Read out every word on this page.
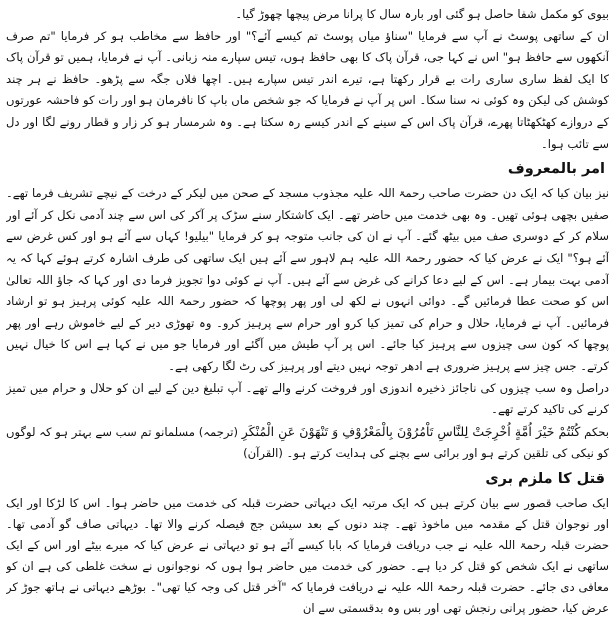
بیوی کو مکمل شفا حاصل ہو گئی اور بارہ سال کا پرانا مرض پیچھا چھوڑ گیا۔

ان کے ساتھی پوسٹ نے آپ سے فرمایا "سناؤ میاں پوسٹ تم کیسے آئے؟" اور حافظ سے مخاطب ہو کر فرمایا "تم صرف آنکھوں سے حافظ ہو" اس نے کہا جی، قرآن پاک کا بھی حافظ ہوں، تیس سپارے منہ زبانی۔ آپ نے فرمایا، ہمیں تو قرآن پاک کا ایک لفظ ساری ساری رات بے قرار رکھتا ہے، تیرے اندر تیس سپارے ہیں۔ اچھا فلاں جگہ سے پڑھو۔ حافظ نے ہر چند کوشش کی لیکن وہ کوئی نہ سنا سکا۔ اس پر آپ نے فرمایا کہ جو شخص ماں باپ کا نافرمان ہو اور رات کو فاحشہ عورتوں کے دروازے کھٹکھٹاتا پھرے، قرآن پاک اس کے سینے کے اندر کیسے رہ سکتا ہے۔ وہ شرمسار ہو کر زار و قطار رونے لگا اور دل سے تائب ہوا۔

امر بالمعروف

نیز بیان کیا کہ ایک دن حضرت صاحب رحمۃ اللہ علیہ مجذوب مسجد کے صحن میں لیکر کے درخت کے نیچے تشریف فرما تھے۔ صفیں بچھی ہوئی تھیں۔ وہ بھی خدمت میں حاضر تھے۔ ایک کاشتکار سنے سڑک پر آکر کی اس سے چند آدمی نکل کر آئے اور سلام کر کے دوسری صف میں بیٹھ گئے۔ آپ نے ان کی جانب متوجہ ہو کر فرمایا "بیلیو! کہاں سے آئے ہو اور کس غرض سے آئے ہو؟" ایک نے عرض کیا کہ حضور رحمۃ اللہ علیہ ہم لاہور سے آئے ہیں ایک ساتھی کی طرف اشارہ کرتے ہوئے کہا کہ یہ آدمی بہت بیمار ہے۔ اس کے لیے دعا کرانے کی غرض سے آئے ہیں۔ آپ نے کوئی دوا تجویز فرما دی اور کہا کہ جاؤ اللہ تعالیٰ اس کو صحت عطا فرمائیں گے۔ دوائی انہوں نے لکھ لی اور پھر پوچھا کہ حضور رحمۃ اللہ علیہ کوئی پرہیز ہو تو ارشاد فرمائیں۔ آپ نے فرمایا، حلال و حرام کی تمیز کیا کرو اور حرام سے پرہیز کرو۔ وہ تھوڑی دیر کے لیے خاموش رہے اور پھر پوچھا کہ کون سی چیزوں سے پرہیز کیا جائے۔ اس پر آپ طیش میں آگئے اور فرمایا جو میں نے کہا ہے اس کا خیال نہیں کرتے۔ جس چیز سے پرہیز ضروری ہے ادھر توجہ نہیں دیتے اور پرہیز کی رٹ لگا رکھی ہے۔

دراصل وہ سب چیزوں کی ناجائز ذخیرہ اندوزی اور فروخت کرنے والے تھے۔ آپ تبلیغ دین کے لیے ان کو حلال و حرام میں تمیز کرنے کی تاکید کرتے تھے۔

بحکم كُنْتُمْ خَيْرَ اُمَّةٍ اُخْرِجَتْ لِلنَّاسِ تَاْمُرُوْنَ بِالْمَعْرُوْفِ وَ تَنْهَوْنَ عَنِ الْمُنْكَرِ (ترجمہ) مسلمانو تم سب سے بہتر ہو کہ لوگوں کو نیکی کی تلقین کرتے ہو اور برائی سے بچنے کی ہدایت کرتے ہو۔ (القرآن)

قتل کا ملزم بری

ایک صاحب قصور سے بیان کرتے ہیں کہ ایک مرتبہ ایک دیہاتی حضرت قبلہ کی خدمت میں حاضر ہوا۔ اس کا لڑکا اور ایک اور نوجوان قتل کے مقدمہ میں ماخوذ تھے۔ چند دنوں کے بعد سیشن جج فیصلہ کرنے والا تھا۔ دیہاتی صاف گو آدمی تھا۔ حضرت قبلہ رحمۃ اللہ علیہ نے جب دریافت فرمایا کہ بابا کیسے آئے ہو تو دیہاتی نے عرض کیا کہ میرے بیٹے اور اس کے ایک ساتھی نے ایک شخص کو قتل کر دیا ہے۔ حضور کی خدمت میں حاضر ہوا ہوں کہ نوجوانوں نے سخت غلطی کی ہے ان کو معافی دی جائے۔ حضرت قبلہ رحمۃ اللہ علیہ نے دریافت فرمایا کہ "آخر قتل کی وجہ کیا تھی"۔ بوڑھے دیہاتی نے ہاتھ جوڑ کر عرض کیا، حضور پرانی رنجش تھی اور بس وہ بدقسمتی سے ان
